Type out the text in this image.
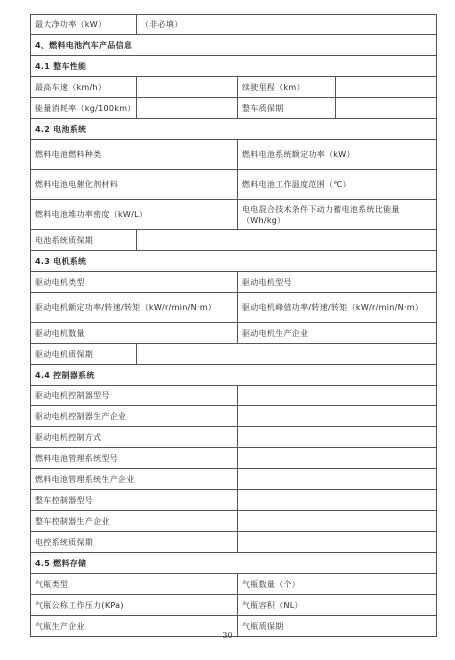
最大净功率（kW）	（非必填）		
4、燃料电池汽车产品信息			
4.1 整车性能			
最高车速（km/h）		续驶里程（km）	
能量消耗率（kg/100km）		整车质保期	
4.2 电池系统			
燃料电池燃料种类		燃料电池系统额定功率（kW）	
燃料电池电催化剂材料		燃料电池工作温度范围（℃）	
燃料电池堆功率密度（kW/L）		电电混合技术条件下动力蓄电池系统比能量（Wh/kg）	
电池系统质保期			
4.3 电机系统			
驱动电机类型		驱动电机型号	
驱动电机额定功率/转速/转矩（kW/r/min/N·m）		驱动电机峰值功率/转速/转矩（kW/r/min/N·m）	
驱动电机数量		驱动电机生产企业	
驱动电机质保期			
4.4 控制器系统			
驱动电机控制器型号			
驱动电机控制器生产企业			
驱动电机控制方式			
燃料电池管理系统型号			
燃料电池管理系统生产企业			
整车控制器型号			
整车控制器生产企业			
电控系统质保期			
4.5 燃料存储			
气瓶类型		气瓶数量（个）	
气瓶公称工作压力(KPa)		气瓶容积（NL）	
气瓶生产企业		气瓶质保期	
30
